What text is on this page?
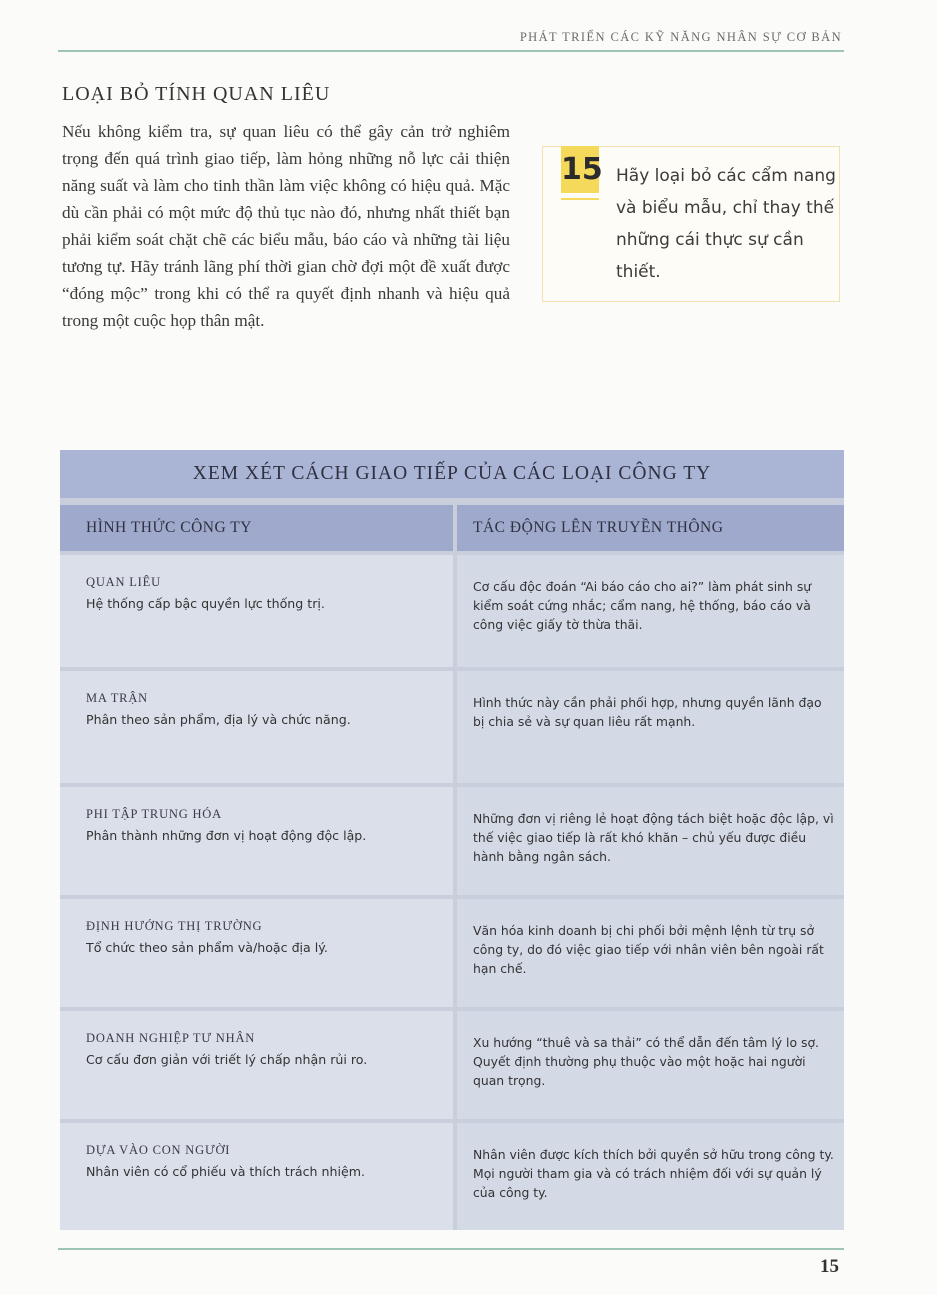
PHÁT TRIỂN CÁC KỸ NĂNG NHÂN SỰ CƠ BẢN
LOẠI BỎ TÍNH QUAN LIÊU
Nếu không kiểm tra, sự quan liêu có thể gây cản trở nghiêm trọng đến quá trình giao tiếp, làm hỏng những nỗ lực cải thiện năng suất và làm cho tinh thần làm việc không có hiệu quả. Mặc dù cần phải có một mức độ thủ tục nào đó, nhưng nhất thiết bạn phải kiểm soát chặt chẽ các biểu mẫu, báo cáo và những tài liệu tương tự. Hãy tránh lãng phí thời gian chờ đợi một đề xuất được “đóng mộc” trong khi có thể ra quyết định nhanh và hiệu quả trong một cuộc họp thân mật.
15 Hãy loại bỏ các cẩm nang và biểu mẫu, chỉ thay thế những cái thực sự cần thiết.
XEM XÉT CÁCH GIAO TIẾP CỦA CÁC LOẠI CÔNG TY
HÌNH THỨC CÔNG TY	TÁC ĐỘNG LÊN TRUYỀN THÔNG
QUAN LIÊU
Hệ thống cấp bậc quyền lực thống trị.
Cơ cấu độc đoán “Ai báo cáo cho ai?” làm phát sinh sự kiểm soát cứng nhắc; cẩm nang, hệ thống, báo cáo và công việc giấy tờ thừa thãi.
MA TRẬN
Phân theo sản phẩm, địa lý và chức năng.
Hình thức này cần phải phối hợp, nhưng quyền lãnh đạo bị chia sẻ và sự quan liêu rất mạnh.
PHI TẬP TRUNG HÓA
Phân thành những đơn vị hoạt động độc lập.
Những đơn vị riêng lẻ hoạt động tách biệt hoặc độc lập, vì thế việc giao tiếp là rất khó khăn – chủ yếu được điều hành bằng ngân sách.
ĐỊNH HƯỚNG THỊ TRƯỜNG
Tổ chức theo sản phẩm và/hoặc địa lý.
Văn hóa kinh doanh bị chi phối bởi mệnh lệnh từ trụ sở công ty, do đó việc giao tiếp với nhân viên bên ngoài rất hạn chế.
DOANH NGHIỆP TƯ NHÂN
Cơ cấu đơn giản với triết lý chấp nhận rủi ro.
Xu hướng “thuê và sa thải” có thể dẫn đến tâm lý lo sợ. Quyết định thường phụ thuộc vào một hoặc hai người quan trọng.
DỰA VÀO CON NGƯỜI
Nhân viên có cổ phiếu và thích trách nhiệm.
Nhân viên được kích thích bởi quyền sở hữu trong công ty. Mọi người tham gia và có trách nhiệm đối với sự quản lý của công ty.
15
